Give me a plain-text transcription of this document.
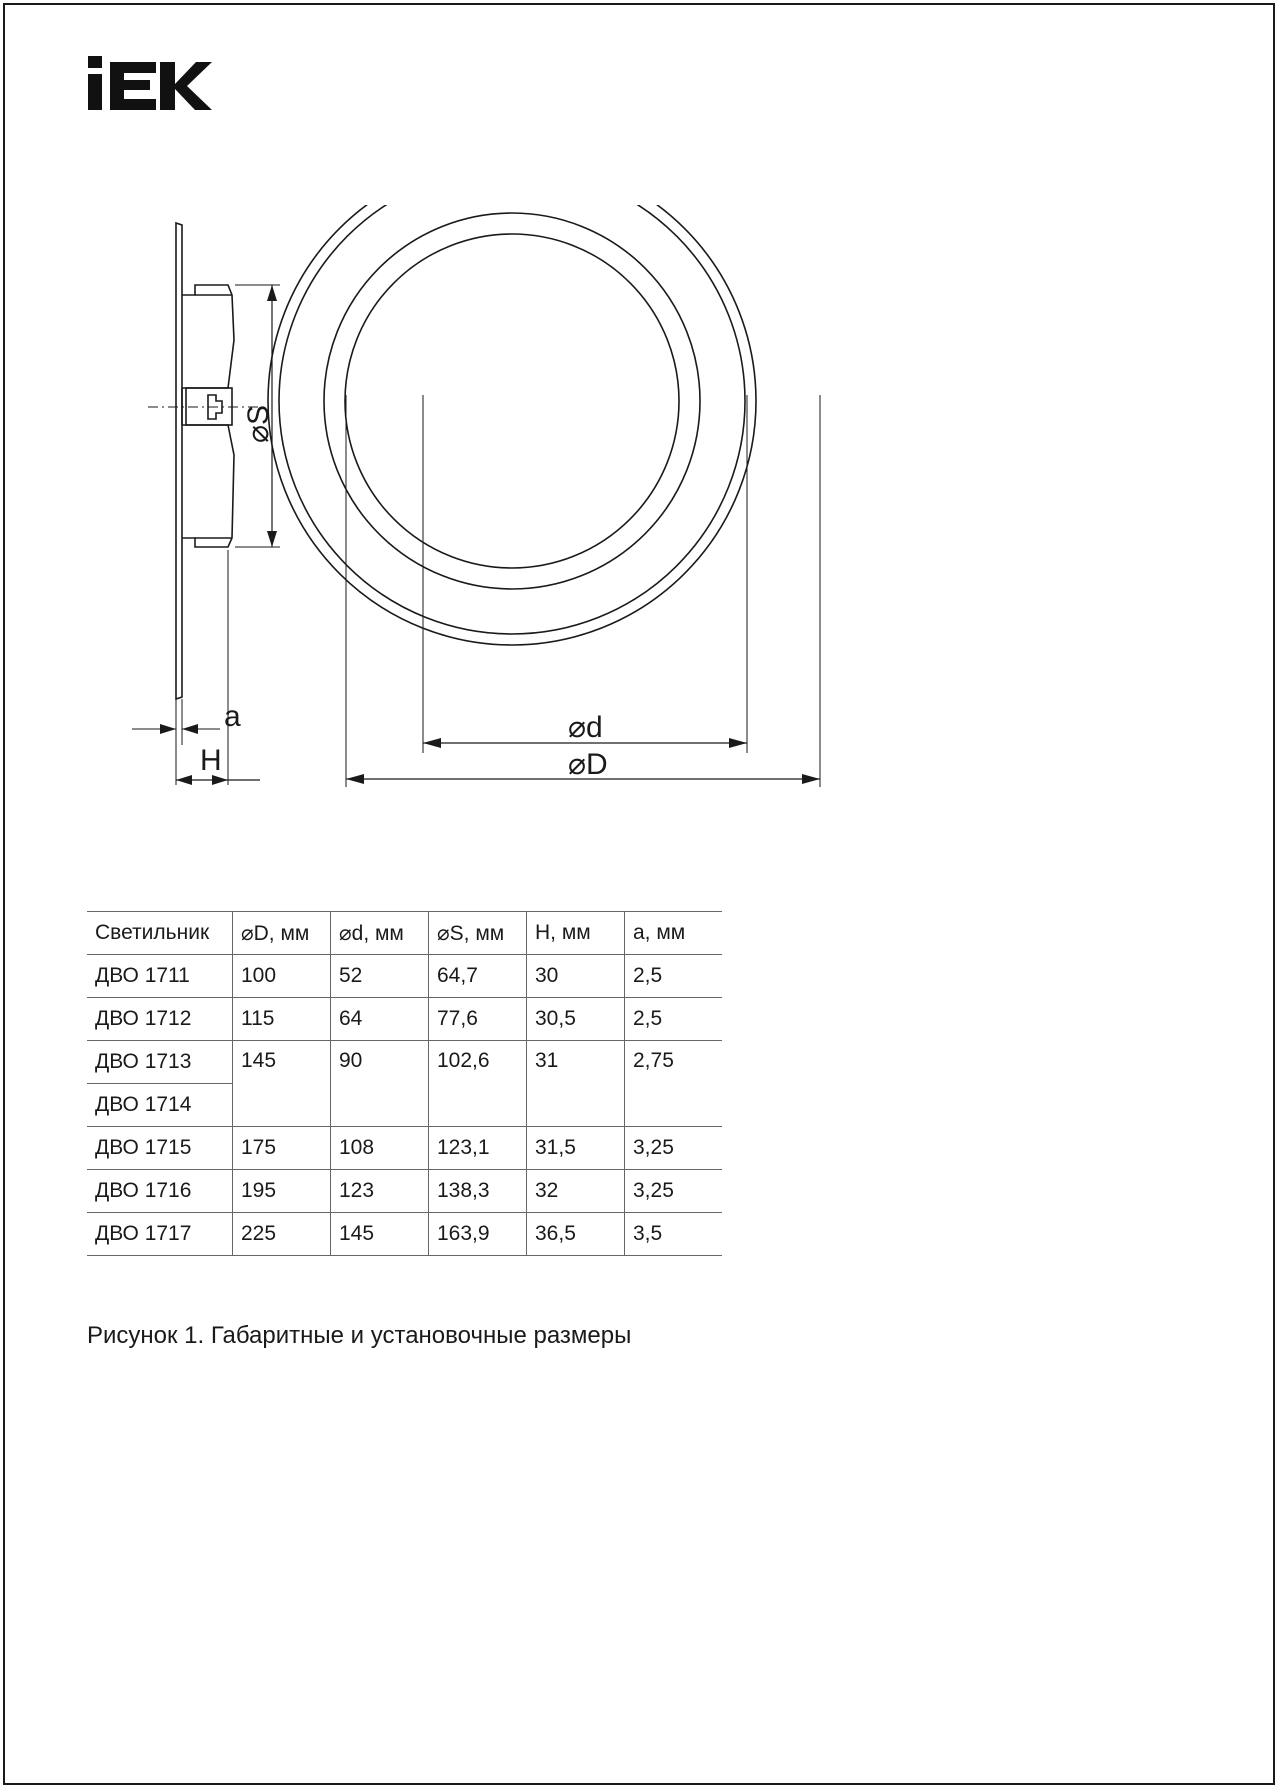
⌀S
⌀d
⌀D
a
H
Светильник	⌀D, мм	⌀d, мм	⌀S, мм	H, мм	a, мм
ДВО 1711	100	52	64,7	30	2,5
ДВО 1712	115	64	77,6	30,5	2,5
ДВО 1713	145	90	102,6	31	2,75
ДВО 1714					
ДВО 1715	175	108	123,1	31,5	3,25
ДВО 1716	195	123	138,3	32	3,25
ДВО 1717	225	145	163,9	36,5	3,5
Рисунок 1. Габаритные и установочные размеры
